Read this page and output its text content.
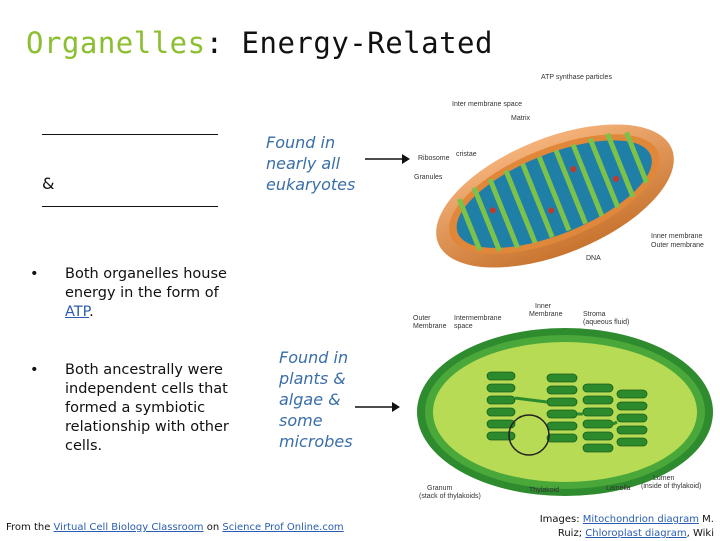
Organelles: Energy-Related
&
Found in
nearly all
eukaryotes
Found in
plants &
algae &
some
microbes
• Both organelles house energy in the form of ATP.
• Both ancestrally were independent cells that formed a symbiotic relationship with other cells.
ATP synthase particles
Inter membrane space
Matrix
Ribosome
cristae
Granules
Inner membrane
Outer membrane
DNA
Outer
Membrane
Intermembrane
space
Inner
Membrane	Stroma
(aqueous fluid)
Granum
(stack of thylakoids)
Thylakoid	Lamella
Lumen
(inside of thylakoid)
From the Virtual Cell Biology Classroom on Science Prof Online.com
Images: Mitochondrion diagram M.
Ruiz; Chloroplast diagram, Wiki
